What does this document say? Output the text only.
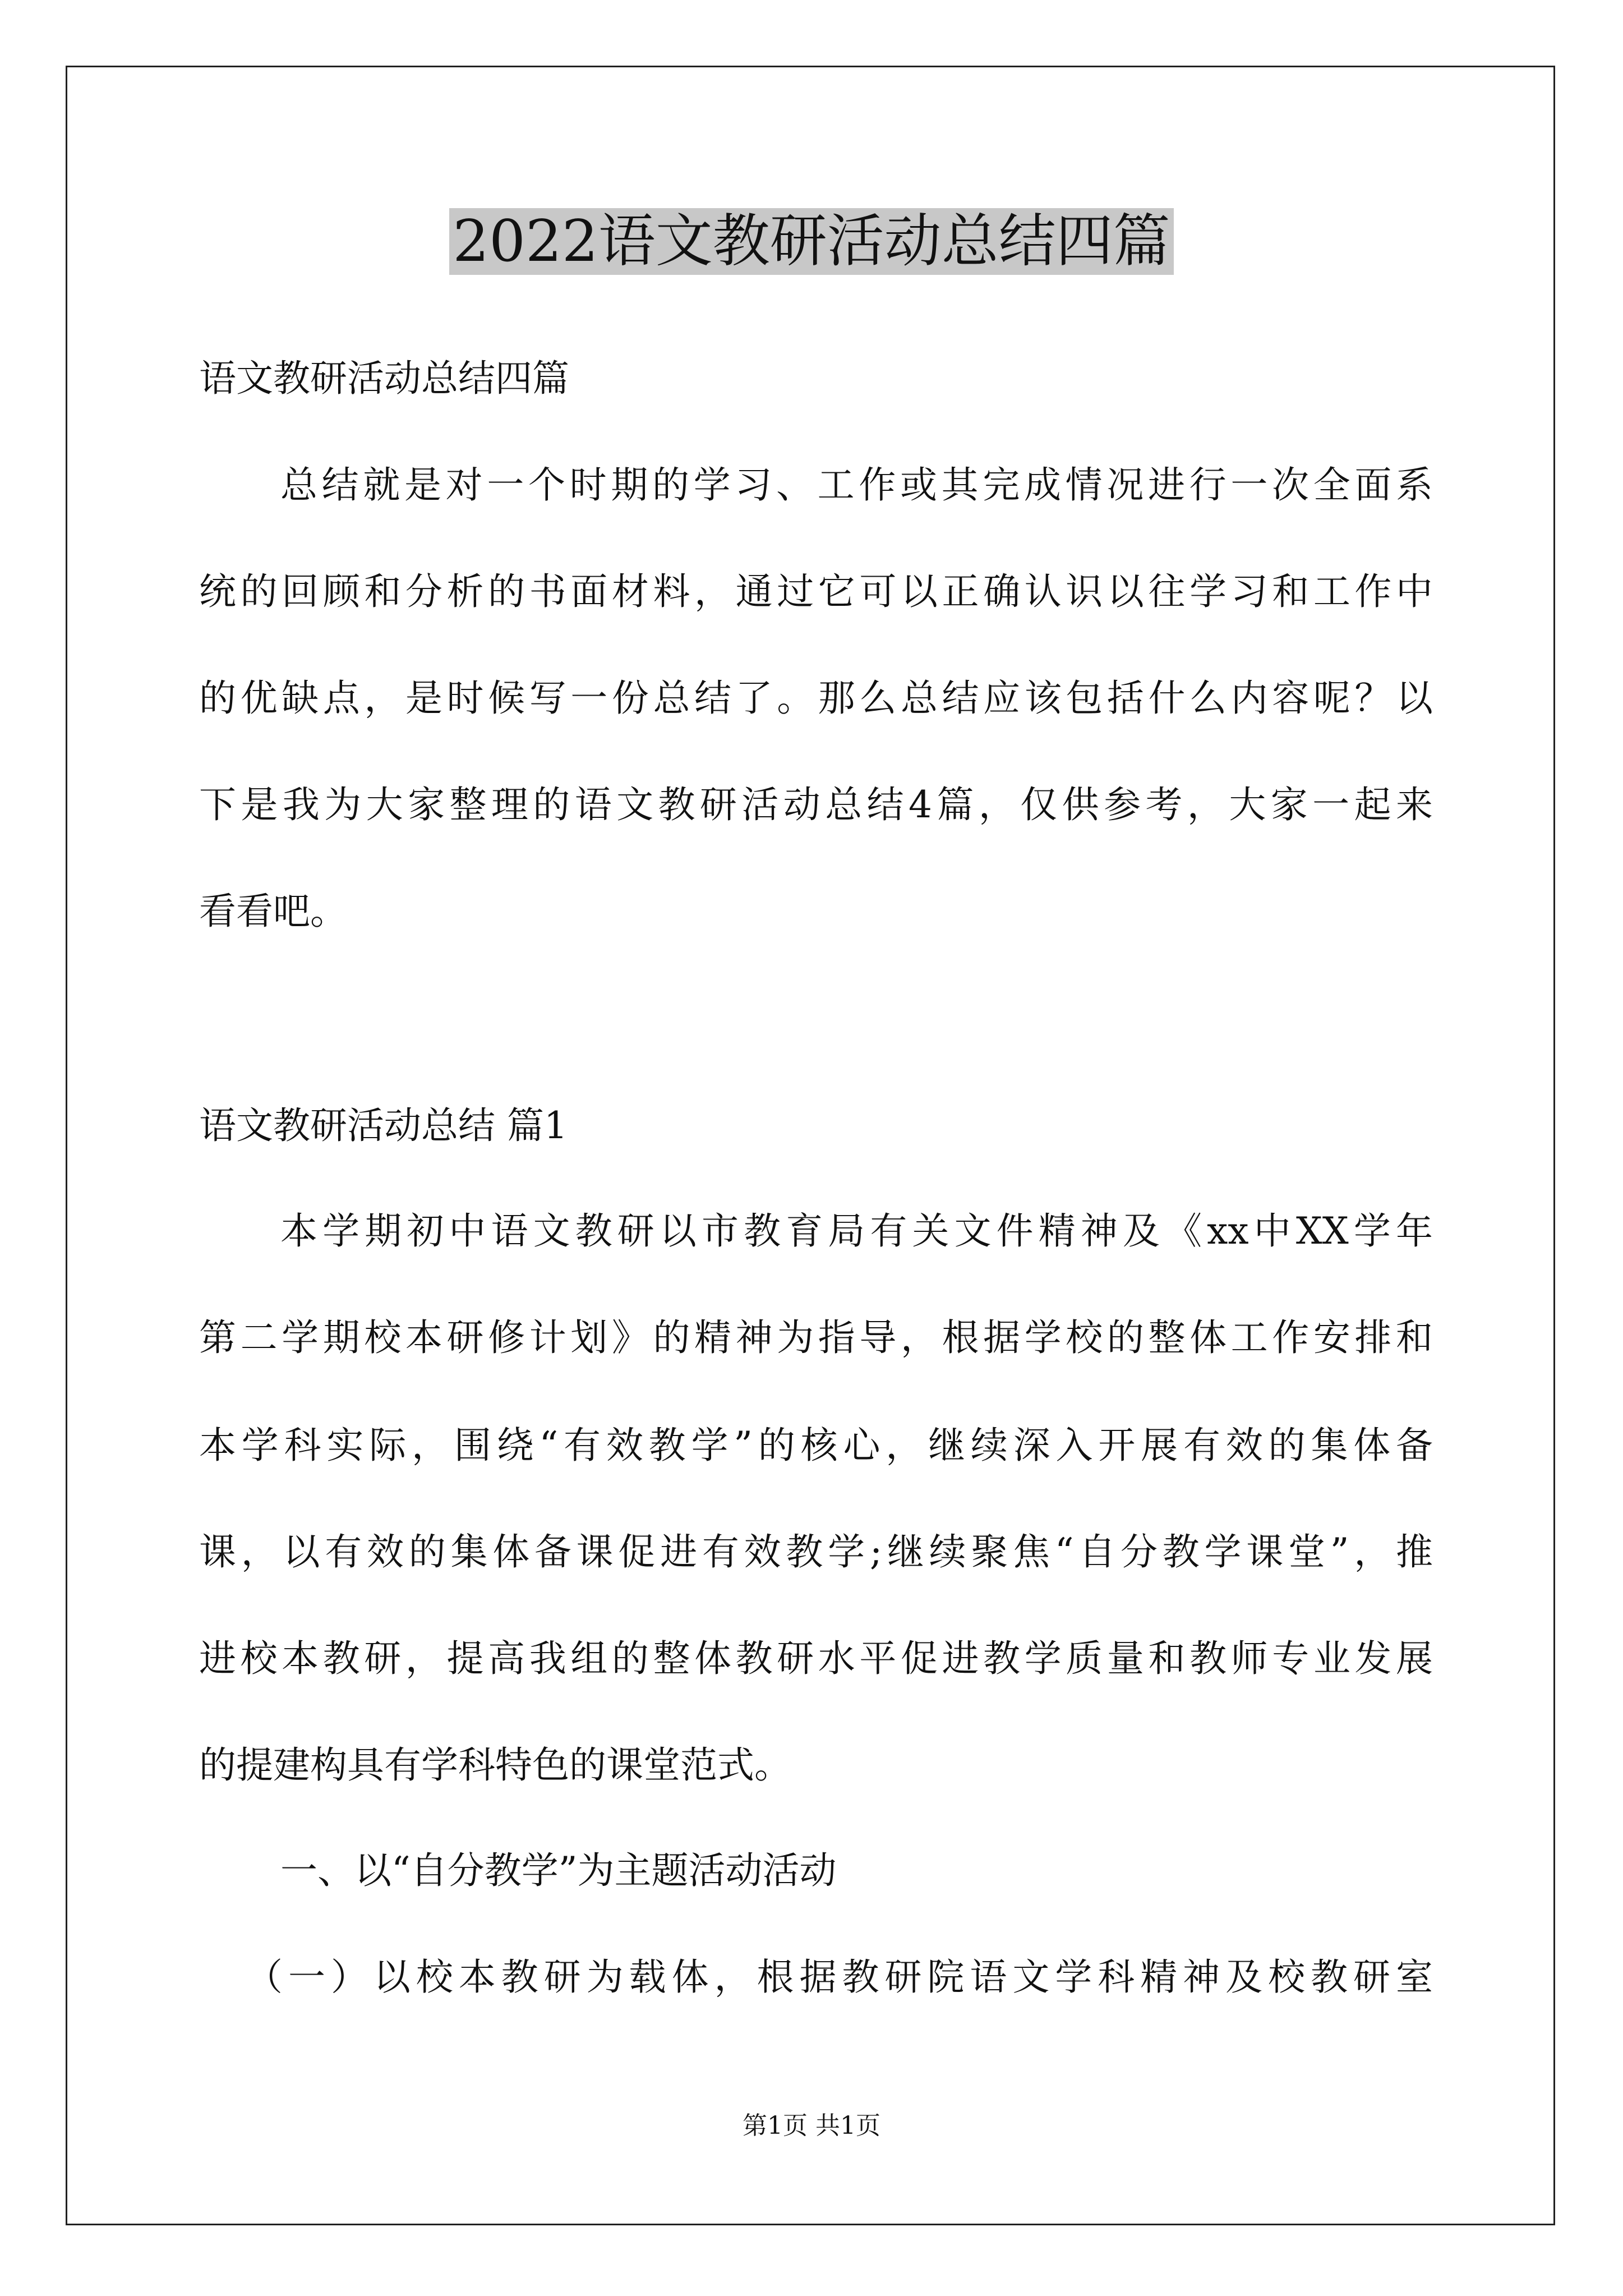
2022语文教研活动总结四篇

语文教研活动总结四篇

总结就是对一个时期的学习、工作或其完成情况进行一次全面系

统的回顾和分析的书面材料，通过它可以正确认识以往学习和工作中

的优缺点，是时候写一份总结了。那么总结应该包括什么内容呢？以

下是我为大家整理的语文教研活动总结4篇，仅供参考，大家一起来

看看吧。

语文教研活动总结 篇1

本学期初中语文教研以市教育局有关文件精神及《xx中XX学年

第二学期校本研修计划》的精神为指导，根据学校的整体工作安排和

本学科实际，围绕“有效教学”的核心，继续深入开展有效的集体备

课，以有效的集体备课促进有效教学;继续聚焦“自分教学课堂”，推

进校本教研，提高我组的整体教研水平促进教学质量和教师专业发展

的提建构具有学科特色的课堂范式。

一、以“自分教学”为主题活动活动

（一）以校本教研为载体，根据教研院语文学科精神及校教研室

第1页 共1页
